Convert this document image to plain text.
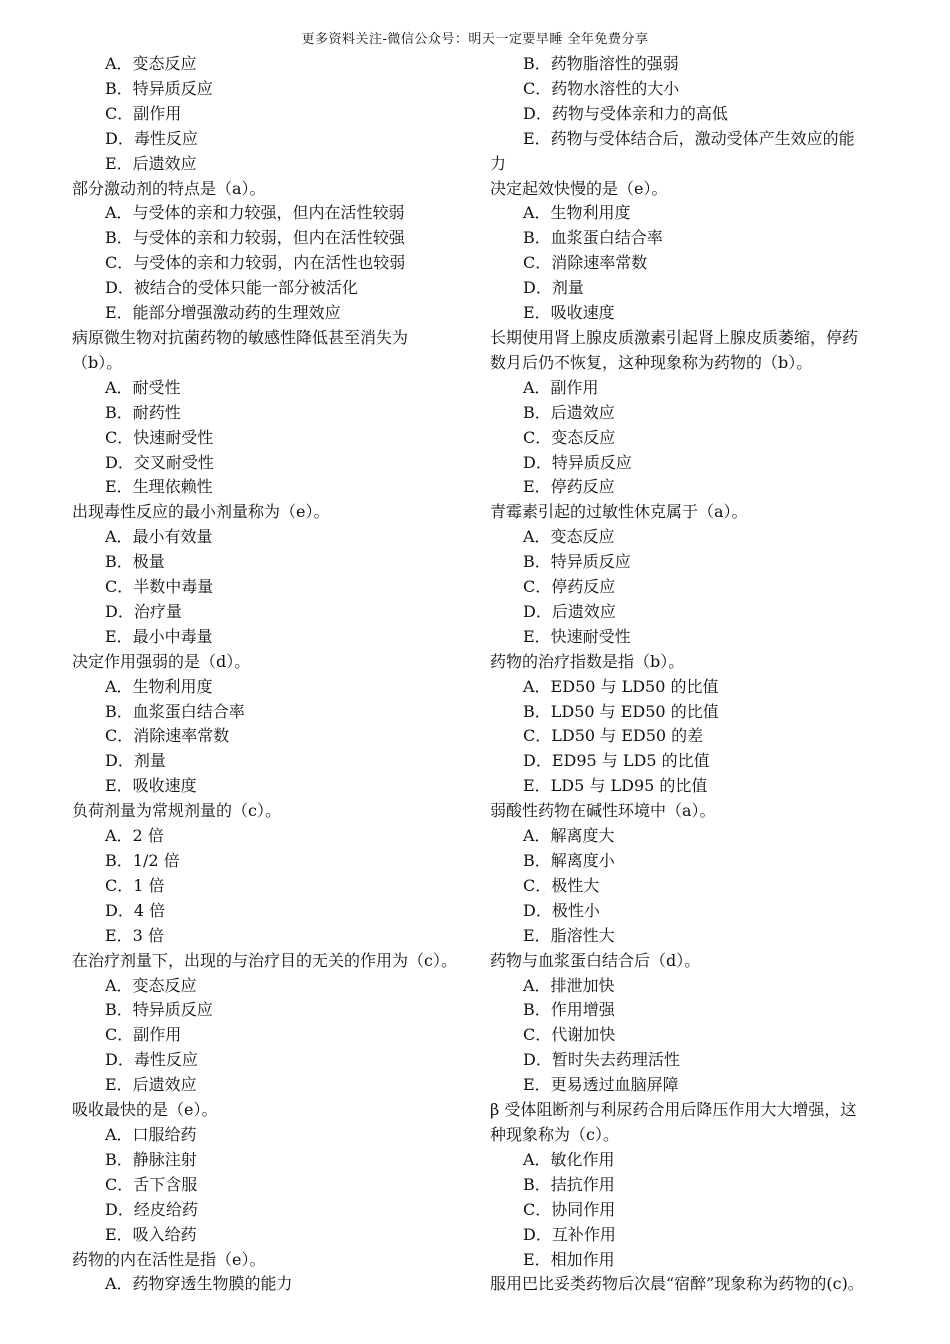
更多资料关注-微信公众号：明天一定要早睡 全年免费分享
A．变态反应
B．特异质反应
C．副作用
D．毒性反应
E．后遗效应
部分激动剂的特点是（a）。
A．与受体的亲和力较强，但内在活性较弱
B．与受体的亲和力较弱，但内在活性较强
C．与受体的亲和力较弱，内在活性也较弱
D．被结合的受体只能一部分被活化
E．能部分增强激动药的生理效应
病原微生物对抗菌药物的敏感性降低甚至消失为
（b）。
A．耐受性
B．耐药性
C．快速耐受性
D．交叉耐受性
E．生理依赖性
出现毒性反应的最小剂量称为（e）。
A．最小有效量
B．极量
C．半数中毒量
D．治疗量
E．最小中毒量
决定作用强弱的是（d）。
A．生物利用度
B．血浆蛋白结合率
C．消除速率常数
D．剂量
E．吸收速度
负荷剂量为常规剂量的（c）。
A．2 倍
B．1/2 倍
C．1 倍
D．4 倍
E．3 倍
在治疗剂量下，出现的与治疗目的无关的作用为（c）。
A．变态反应
B．特异质反应
C．副作用
D．毒性反应
E．后遗效应
吸收最快的是（e）。
A．口服给药
B．静脉注射
C．舌下含服
D．经皮给药
E．吸入给药
药物的内在活性是指（e）。
A．药物穿透生物膜的能力
B．药物脂溶性的强弱
C．药物水溶性的大小
D．药物与受体亲和力的高低
E．药物与受体结合后，激动受体产生效应的能
力
决定起效快慢的是（e）。
A．生物利用度
B．血浆蛋白结合率
C．消除速率常数
D．剂量
E．吸收速度
长期使用肾上腺皮质激素引起肾上腺皮质萎缩，停药
数月后仍不恢复，这种现象称为药物的（b）。
A．副作用
B．后遗效应
C．变态反应
D．特异质反应
E．停药反应
青霉素引起的过敏性休克属于（a）。
A．变态反应
B．特异质反应
C．停药反应
D．后遗效应
E．快速耐受性
药物的治疗指数是指（b）。
A．ED50 与 LD50 的比值
B．LD50 与 ED50 的比值
C．LD50 与 ED50 的差
D．ED95 与 LD5 的比值
E．LD5 与 LD95 的比值
弱酸性药物在碱性环境中（a）。
A．解离度大
B．解离度小
C．极性大
D．极性小
E．脂溶性大
药物与血浆蛋白结合后（d）。
A．排泄加快
B．作用增强
C．代谢加快
D．暂时失去药理活性
E．更易透过血脑屏障
β 受体阻断剂与利尿药合用后降压作用大大增强，这
种现象称为（c）。
A．敏化作用
B．拮抗作用
C．协同作用
D．互补作用
E．相加作用
服用巴比妥类药物后次晨“宿醉”现象称为药物的(c)。
